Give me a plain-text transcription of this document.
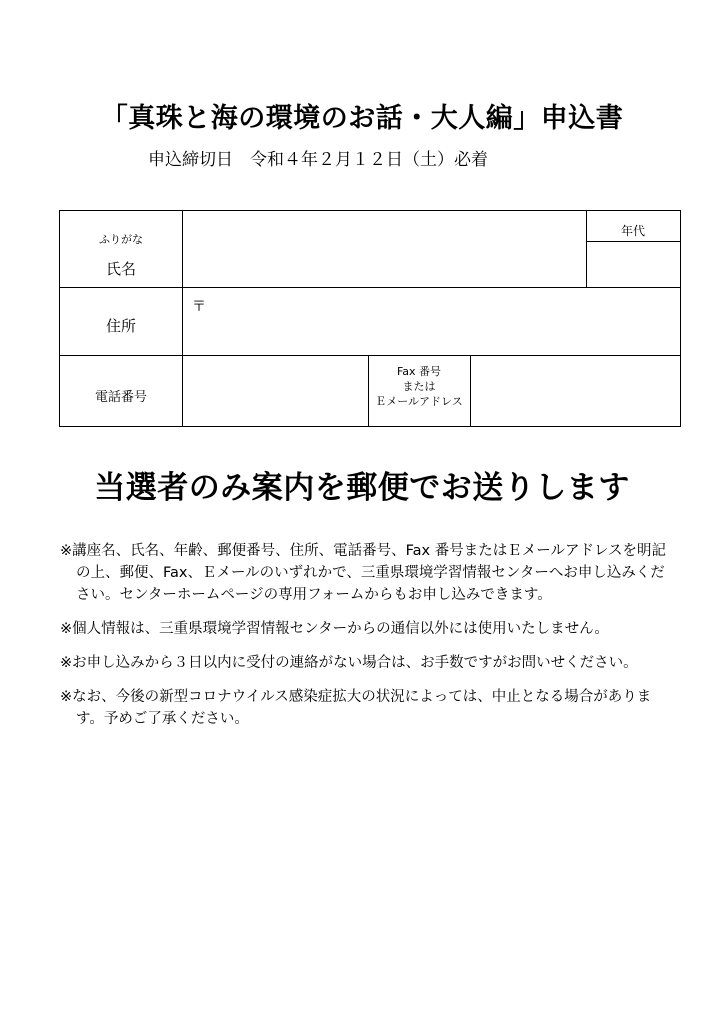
「真珠と海の環境のお話・大人編」申込書
申込締切日　令和４年２月１２日（土）必着
ふりがな
氏名
年代
住所
〒
電話番号
Fax 番号
または
Ｅメールアドレス
当選者のみ案内を郵便でお送りします

※講座名、氏名、年齢、郵便番号、住所、電話番号、Fax 番号またはＥメールアドレスを明記の上、郵便、Fax、Ｅメールのいずれかで、三重県環境学習情報センターへお申し込みください。センターホームページの専用フォームからもお申し込みできます。

※個人情報は、三重県環境学習情報センターからの通信以外には使用いたしません。

※お申し込みから３日以内に受付の連絡がない場合は、お手数ですがお問いせください。

※なお、今後の新型コロナウイルス感染症拡大の状況によっては、中止となる場合があります。予めご了承ください。
